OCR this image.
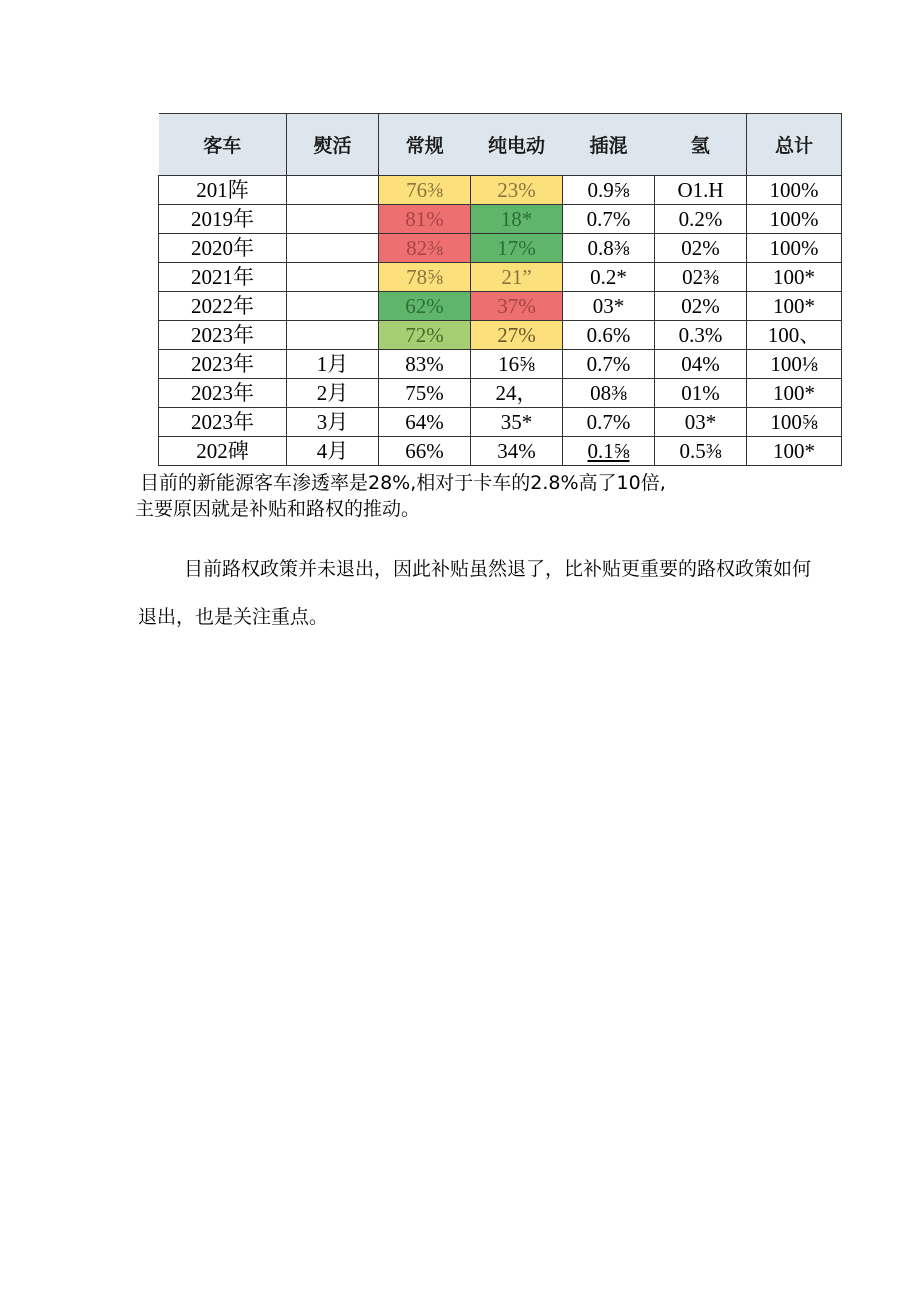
客车	熨活	常规	纯电动	插混	氢	总计
201阵		76⅜	23%	0.9⅝	O1.H	100%
2019年		81%	18*	0.7%	0.2%	100%
2020年		82⅜	17%	0.8⅜	02%	100%
2021年		78⅝	21”	0.2*	02⅜	100*
2022年		62%	37%	03*	02%	100*
2023年		72%	27%	0.6%	0.3%	100、
2023年	1月	83%	16⅝	0.7%	04%	100⅛
2023年	2月	75%	24，	08⅜	01%	100*
2023年	3月	64%	35*	0.7%	03*	100⅝
202碑	4月	66%	34%	0.1⅝	0.5⅜	100*
目前的新能源客车渗透率是28%,相对于卡车的2.8%高了10倍,
主要原因就是补贴和路权的推动。
目前路权政策并未退出，因此补贴虽然退了，比补贴更重要的路权政策如何
退出，也是关注重点。
